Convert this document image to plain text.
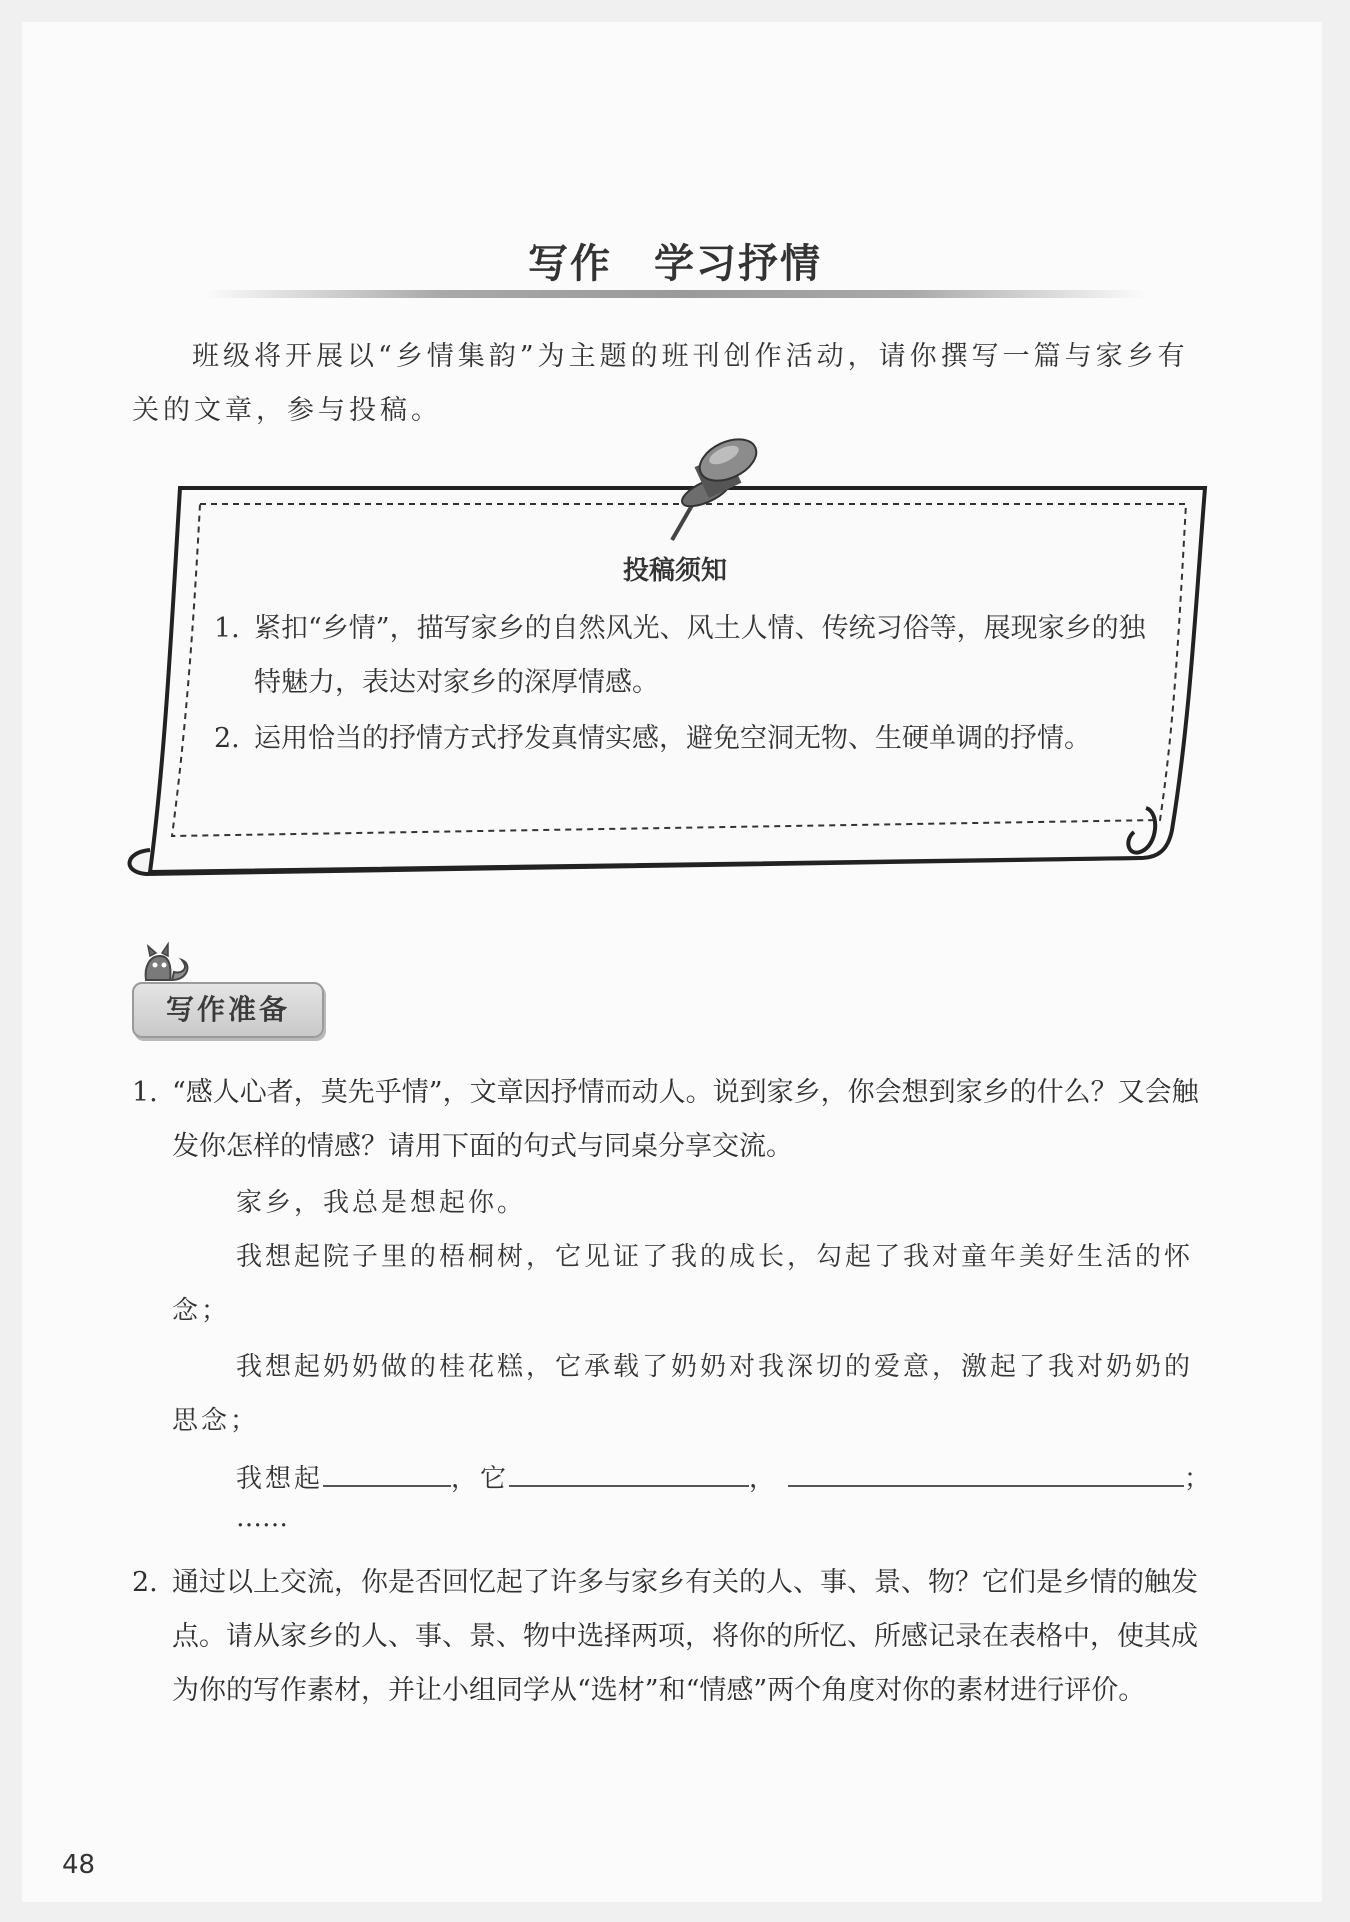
写作　学习抒情
班级将开展以“乡情集韵”为主题的班刊创作活动，请你撰写一篇与家乡有关的文章，参与投稿。
投稿须知
1. 紧扣“乡情”，描写家乡的自然风光、风土人情、传统习俗等，展现家乡的独特魅力，表达对家乡的深厚情感。
2. 运用恰当的抒情方式抒发真情实感，避免空洞无物、生硬单调的抒情。
写作准备
1. “感人心者，莫先乎情”，文章因抒情而动人。说到家乡，你会想到家乡的什么？又会触发你怎样的情感？请用下面的句式与同桌分享交流。
家乡，我总是想起你。
我想起院子里的梧桐树，它见证了我的成长，勾起了我对童年美好生活的怀念；
我想起奶奶做的桂花糕，它承载了奶奶对我深切的爱意，激起了我对奶奶的思念；
我想起	，它	，	；
……
2. 通过以上交流，你是否回忆起了许多与家乡有关的人、事、景、物？它们是乡情的触发点。请从家乡的人、事、景、物中选择两项，将你的所忆、所感记录在表格中，使其成为你的写作素材，并让小组同学从“选材”和“情感”两个角度对你的素材进行评价。
48
